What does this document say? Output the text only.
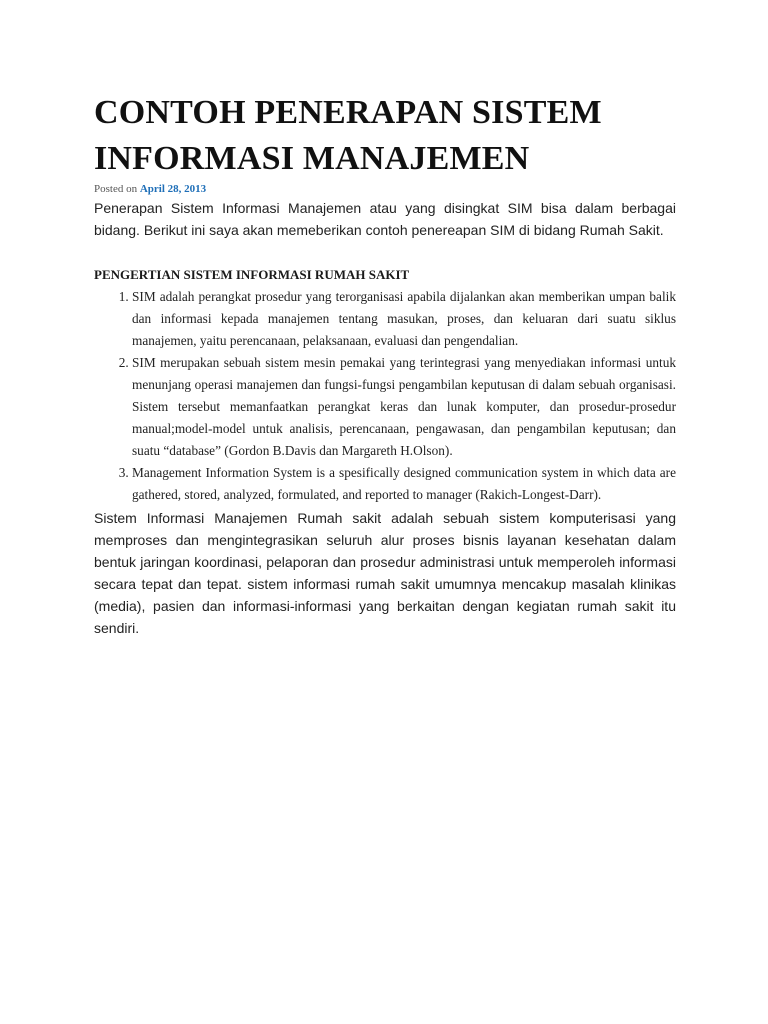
CONTOH PENERAPAN SISTEM
INFORMASI MANAJEMEN
Posted on April 28, 2013

Penerapan Sistem Informasi Manajemen atau yang disingkat SIM bisa dalam berbagai bidang. Berikut ini saya akan memeberikan contoh penereapan SIM di bidang Rumah Sakit.

PENGERTIAN SISTEM INFORMASI RUMAH SAKIT
1. SIM adalah perangkat prosedur yang terorganisasi apabila dijalankan akan memberikan umpan balik dan informasi kepada manajemen tentang masukan, proses, dan keluaran dari suatu siklus manajemen, yaitu perencanaan, pelaksanaan, evaluasi dan pengendalian.
2. SIM merupakan sebuah sistem mesin pemakai yang terintegrasi yang menyediakan informasi untuk menunjang operasi manajemen dan fungsi-fungsi pengambilan keputusan di dalam sebuah organisasi. Sistem tersebut memanfaatkan perangkat keras dan lunak komputer, dan prosedur-prosedur manual;model-model untuk analisis, perencanaan, pengawasan, dan pengambilan keputusan; dan suatu “database” (Gordon B.Davis dan Margareth H.Olson).
3. Management Information System is a spesifically designed communication system in which data are gathered, stored, analyzed, formulated, and reported to manager (Rakich-Longest-Darr).

Sistem Informasi Manajemen Rumah sakit adalah sebuah sistem komputerisasi yang memproses dan mengintegrasikan seluruh alur proses bisnis layanan kesehatan dalam bentuk jaringan koordinasi, pelaporan dan prosedur administrasi untuk memperoleh informasi secara tepat dan tepat. sistem informasi rumah sakit umumnya mencakup masalah klinikas (media), pasien dan informasi-informasi yang berkaitan dengan kegiatan rumah sakit itu sendiri.
